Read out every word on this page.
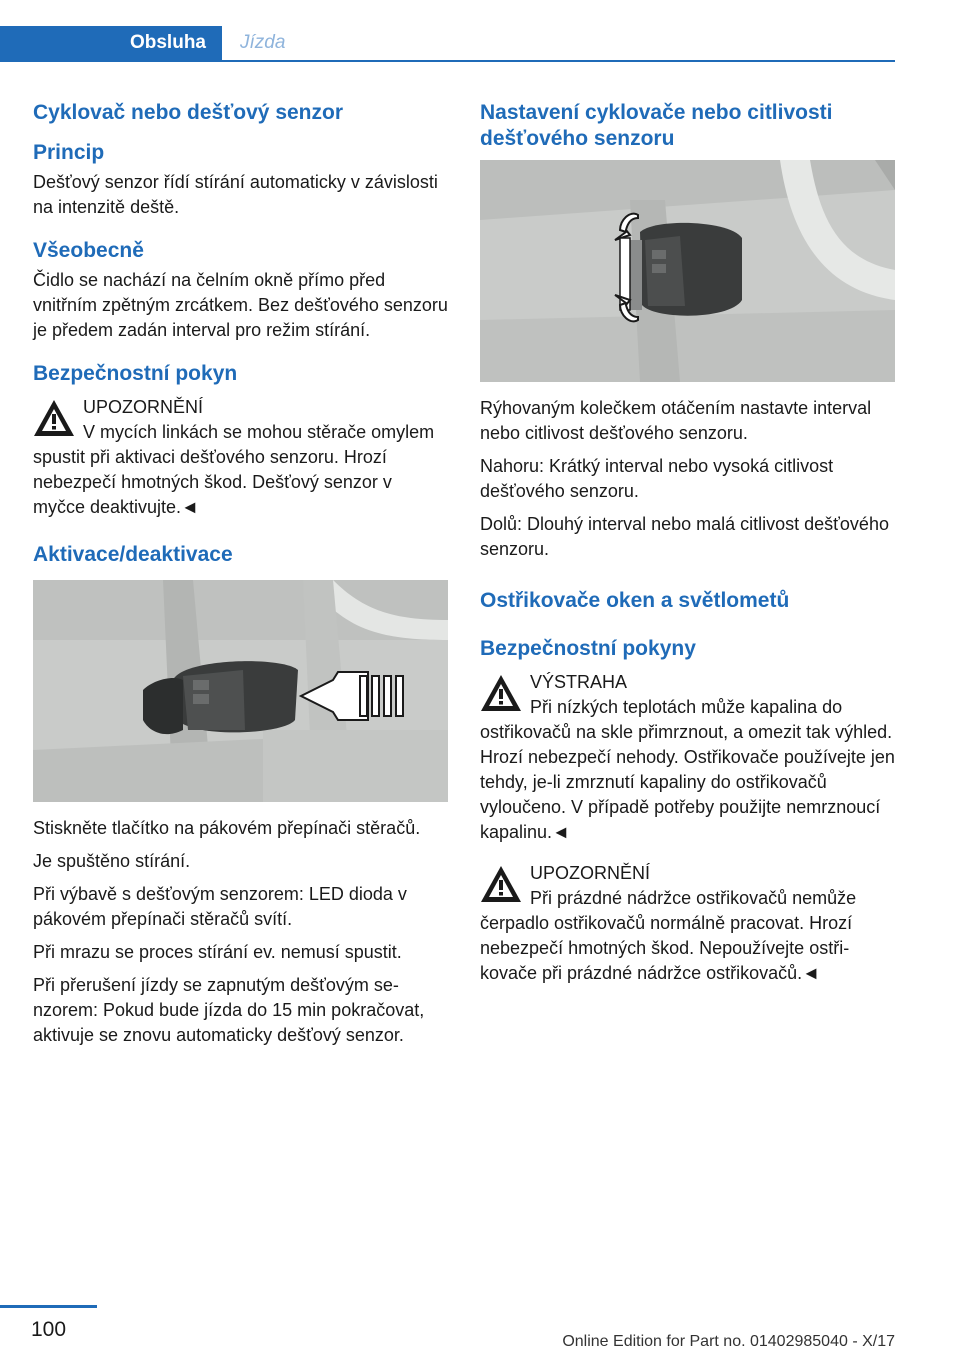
Obsluha	Jízda
Cyklovač nebo dešťový senzor
Princip
Dešťový senzor řídí stírání automaticky v závislosti na intenzitě deště.
Všeobecně
Čidlo se nachází na čelním okně přímo před vnitřním zpětným zrcátkem. Bez dešťového senzoru je předem zadán interval pro režim stírání.
Bezpečnostní pokyn
UPOZORNĚNÍ
V mycích linkách se mohou stěrače omylem spustit při aktivaci dešťového senzoru. Hrozí nebezpečí hmotných škod. Dešťový senzor v myčce deaktivujte.◄
Aktivace/deaktivace
Stiskněte tlačítko na pákovém přepínači stěračů.
Je spuštěno stírání.
Při výbavě s dešťovým senzorem: LED dioda v pákovém přepínači stěračů svítí.
Při mrazu se proces stírání ev. nemusí spustit.
Při přerušení jízdy se zapnutým dešťovým senzorem: Pokud bude jízda do 15 min pokračovat, aktivuje se znovu automaticky dešťový senzor.
Nastavení cyklovače nebo citlivosti dešťového senzoru
Rýhovaným kolečkem otáčením nastavte interval nebo citlivost dešťového senzoru.
Nahoru: Krátký interval nebo vysoká citlivost dešťového senzoru.
Dolů: Dlouhý interval nebo malá citlivost dešťového senzoru.
Ostřikovače oken a světlometů
Bezpečnostní pokyny
VÝSTRAHA
Při nízkých teplotách může kapalina do ostřikovačů na skle přimrznout, a omezit tak výhled. Hrozí nebezpečí nehody. Ostřikovače používejte jen tehdy, je-li zmrznutí kapaliny do ostřikovačů vyloučeno. V případě potřeby použijte nemrznoucí kapalinu.◄
UPOZORNĚNÍ
Při prázdné nádržce ostřikovačů nemůže čerpadlo ostřikovačů normálně pracovat. Hrozí nebezpečí hmotných škod. Nepoužívejte ostřikovače při prázdné nádržce ostřikovačů.◄
100
Online Edition for Part no. 01402985040 - X/17
